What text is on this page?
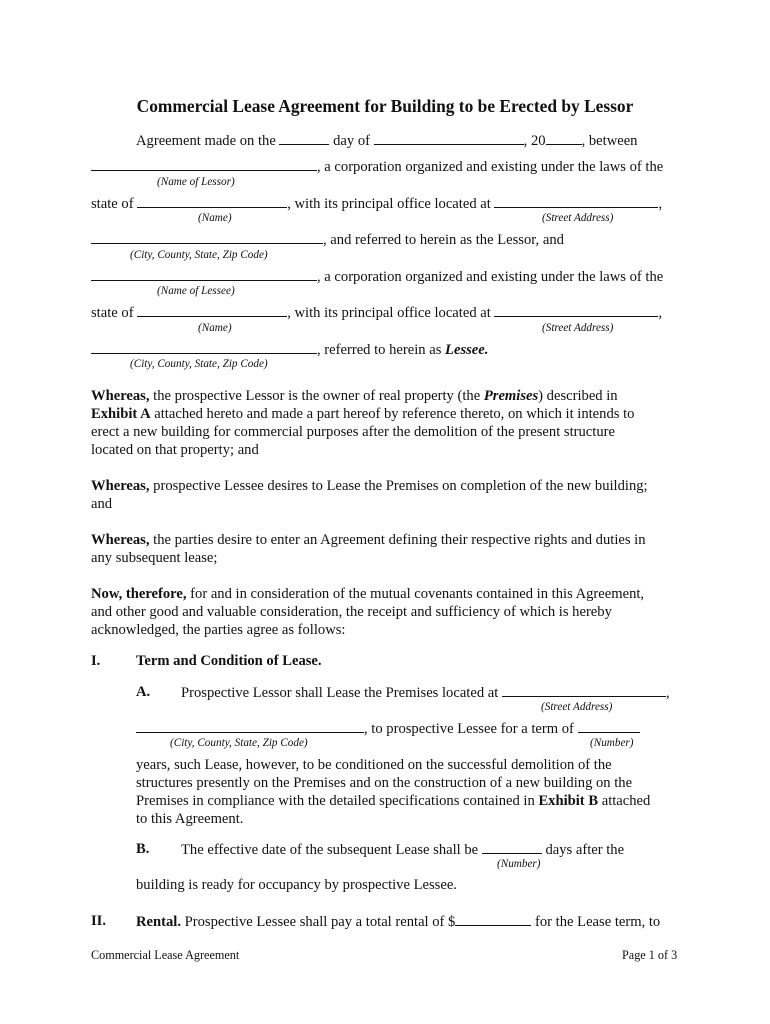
Commercial Lease Agreement for Building to be Erected by Lessor
Agreement made on the	day of	, 20 , between
, a corporation organized and existing under the laws of the
(Name of Lessor)
state of	, with its principal office located at	,
(Name)	(Street Address)
, and referred to herein as the Lessor, and
(City, County, State, Zip Code)
, a corporation organized and existing under the laws of the
(Name of Lessee)
state of	, with its principal office located at	,
(Name)	(Street Address)
, referred to herein as Lessee.
(City, County, State, Zip Code)
Whereas, the prospective Lessor is the owner of real property (the Premises) described in
Exhibit A attached hereto and made a part hereof by reference thereto, on which it intends to
erect a new building for commercial purposes after the demolition of the present structure
located on that property; and
Whereas, prospective Lessee desires to Lease the Premises on completion of the new building;
and
Whereas, the parties desire to enter an Agreement defining their respective rights and duties in
any subsequent lease;
Now, therefore, for and in consideration of the mutual covenants contained in this Agreement,
and other good and valuable consideration, the receipt and sufficiency of which is hereby
acknowledged, the parties agree as follows:
I. Term and Condition of Lease.
A. Prospective Lessor shall Lease the Premises located at	,
(Street Address)
, to prospective Lessee for a term of
(City, County, State, Zip Code)	(Number)
years, such Lease, however, to be conditioned on the successful demolition of the
structures presently on the Premises and on the construction of a new building on the
Premises in compliance with the detailed specifications contained in Exhibit B attached
to this Agreement.
B. The effective date of the subsequent Lease shall be	days after the
(Number)
building is ready for occupancy by prospective Lessee.
II. Rental. Prospective Lessee shall pay a total rental of $	for the Lease term, to
Commercial Lease Agreement	Page 1 of 3
